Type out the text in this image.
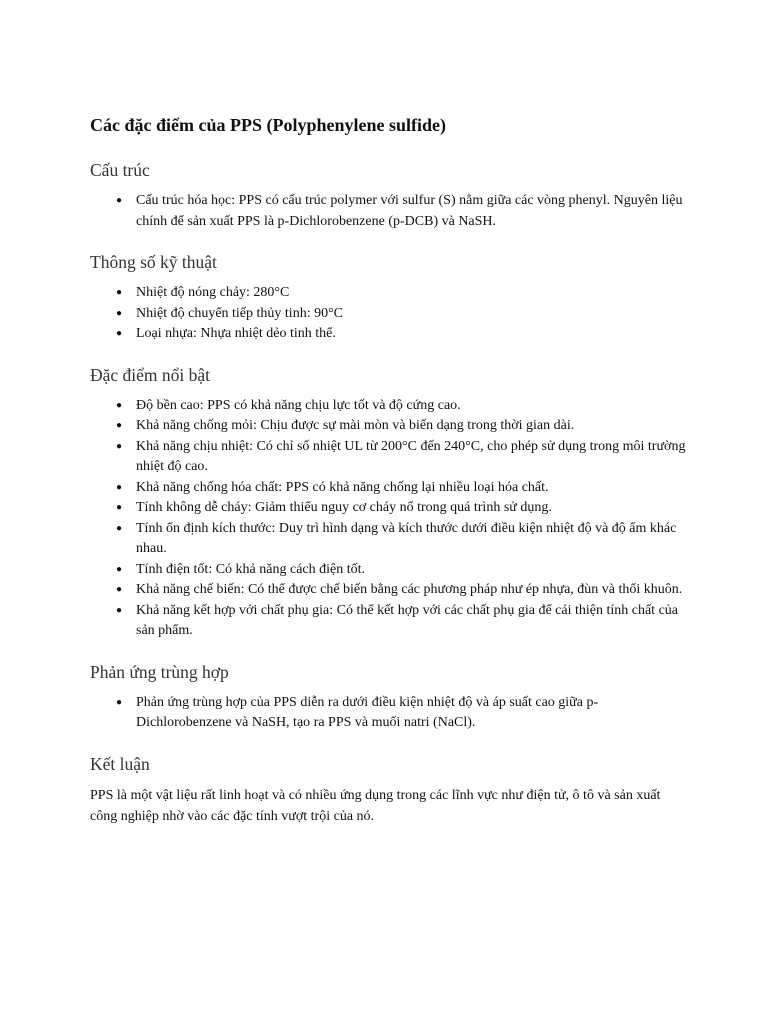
Các đặc điểm của PPS (Polyphenylene sulfide)
Cấu trúc
● Cấu trúc hóa học: PPS có cấu trúc polymer với sulfur (S) nằm giữa các vòng phenyl. Nguyên liệu chính để sản xuất PPS là p-Dichlorobenzene (p-DCB) và NaSH.
Thông số kỹ thuật
● Nhiệt độ nóng chảy: 280°C
● Nhiệt độ chuyển tiếp thủy tinh: 90°C
● Loại nhựa: Nhựa nhiệt dẻo tinh thể.
Đặc điểm nổi bật
● Độ bền cao: PPS có khả năng chịu lực tốt và độ cứng cao.
● Khả năng chống mỏi: Chịu được sự mài mòn và biến dạng trong thời gian dài.
● Khả năng chịu nhiệt: Có chỉ số nhiệt UL từ 200°C đến 240°C, cho phép sử dụng trong môi trường nhiệt độ cao.
● Khả năng chống hóa chất: PPS có khả năng chống lại nhiều loại hóa chất.
● Tính không dễ cháy: Giảm thiểu nguy cơ cháy nổ trong quá trình sử dụng.
● Tính ổn định kích thước: Duy trì hình dạng và kích thước dưới điều kiện nhiệt độ và độ ẩm khác nhau.
● Tính điện tốt: Có khả năng cách điện tốt.
● Khả năng chế biến: Có thể được chế biến bằng các phương pháp như ép nhựa, đùn và thổi khuôn.
● Khả năng kết hợp với chất phụ gia: Có thể kết hợp với các chất phụ gia để cải thiện tính chất của sản phẩm.
Phản ứng trùng hợp
● Phản ứng trùng hợp của PPS diễn ra dưới điều kiện nhiệt độ và áp suất cao giữa p-Dichlorobenzene và NaSH, tạo ra PPS và muối natri (NaCl).
Kết luận

PPS là một vật liệu rất linh hoạt và có nhiều ứng dụng trong các lĩnh vực như điện tử, ô tô và sản xuất công nghiệp nhờ vào các đặc tính vượt trội của nó.
